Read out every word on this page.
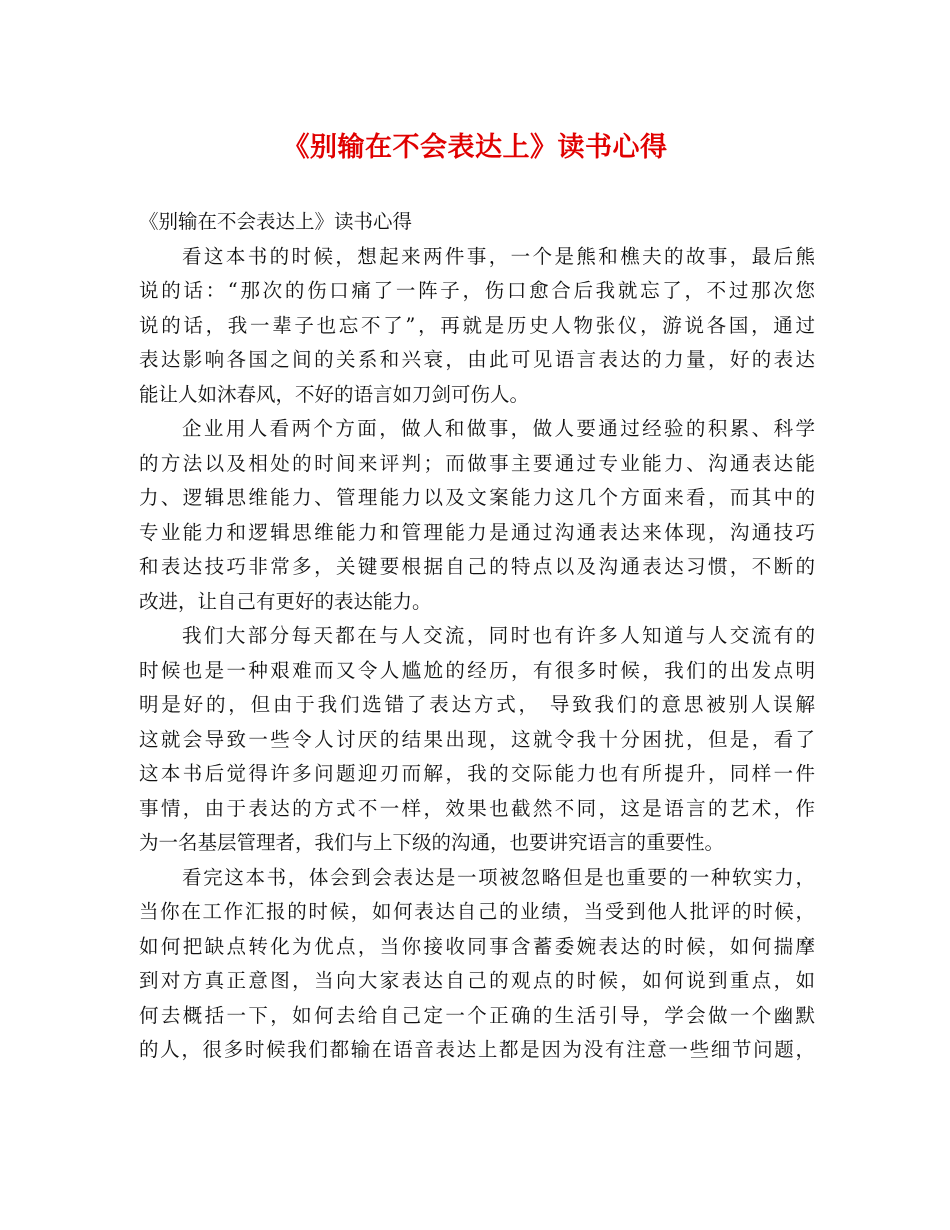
《别输在不会表达上》读书心得

《别输在不会表达上》读书心得

看这本书的时候，想起来两件事，一个是熊和樵夫的故事，最后熊
说的话：“那次的伤口痛了一阵子，伤口愈合后我就忘了，不过那次您
说的话，我一辈子也忘不了”，再就是历史人物张仪，游说各国，通过
表达影响各国之间的关系和兴衰，由此可见语言表达的力量，好的表达
能让人如沐春风，不好的语言如刀剑可伤人。

企业用人看两个方面，做人和做事，做人要通过经验的积累、科学
的方法以及相处的时间来评判；而做事主要通过专业能力、沟通表达能
力、逻辑思维能力、管理能力以及文案能力这几个方面来看，而其中的
专业能力和逻辑思维能力和管理能力是通过沟通表达来体现，沟通技巧
和表达技巧非常多，关键要根据自己的特点以及沟通表达习惯，不断的
改进，让自己有更好的表达能力。

我们大部分每天都在与人交流，同时也有许多人知道与人交流有的
时候也是一种艰难而又令人尴尬的经历，有很多时候，我们的出发点明
明是好的，但由于我们选错了表达方式， 导致我们的意思被别人误解
这就会导致一些令人讨厌的结果出现，这就令我十分困扰，但是，看了
这本书后觉得许多问题迎刃而解，我的交际能力也有所提升，同样一件
事情，由于表达的方式不一样，效果也截然不同，这是语言的艺术，作
为一名基层管理者，我们与上下级的沟通，也要讲究语言的重要性。

看完这本书，体会到会表达是一项被忽略但是也重要的一种软实力，
当你在工作汇报的时候，如何表达自己的业绩，当受到他人批评的时候，
如何把缺点转化为优点，当你接收同事含蓄委婉表达的时候，如何揣摩
到对方真正意图，当向大家表达自己的观点的时候，如何说到重点，如
何去概括一下，如何去给自己定一个正确的生活引导，学会做一个幽默
的人，很多时候我们都输在语音表达上都是因为没有注意一些细节问题，
